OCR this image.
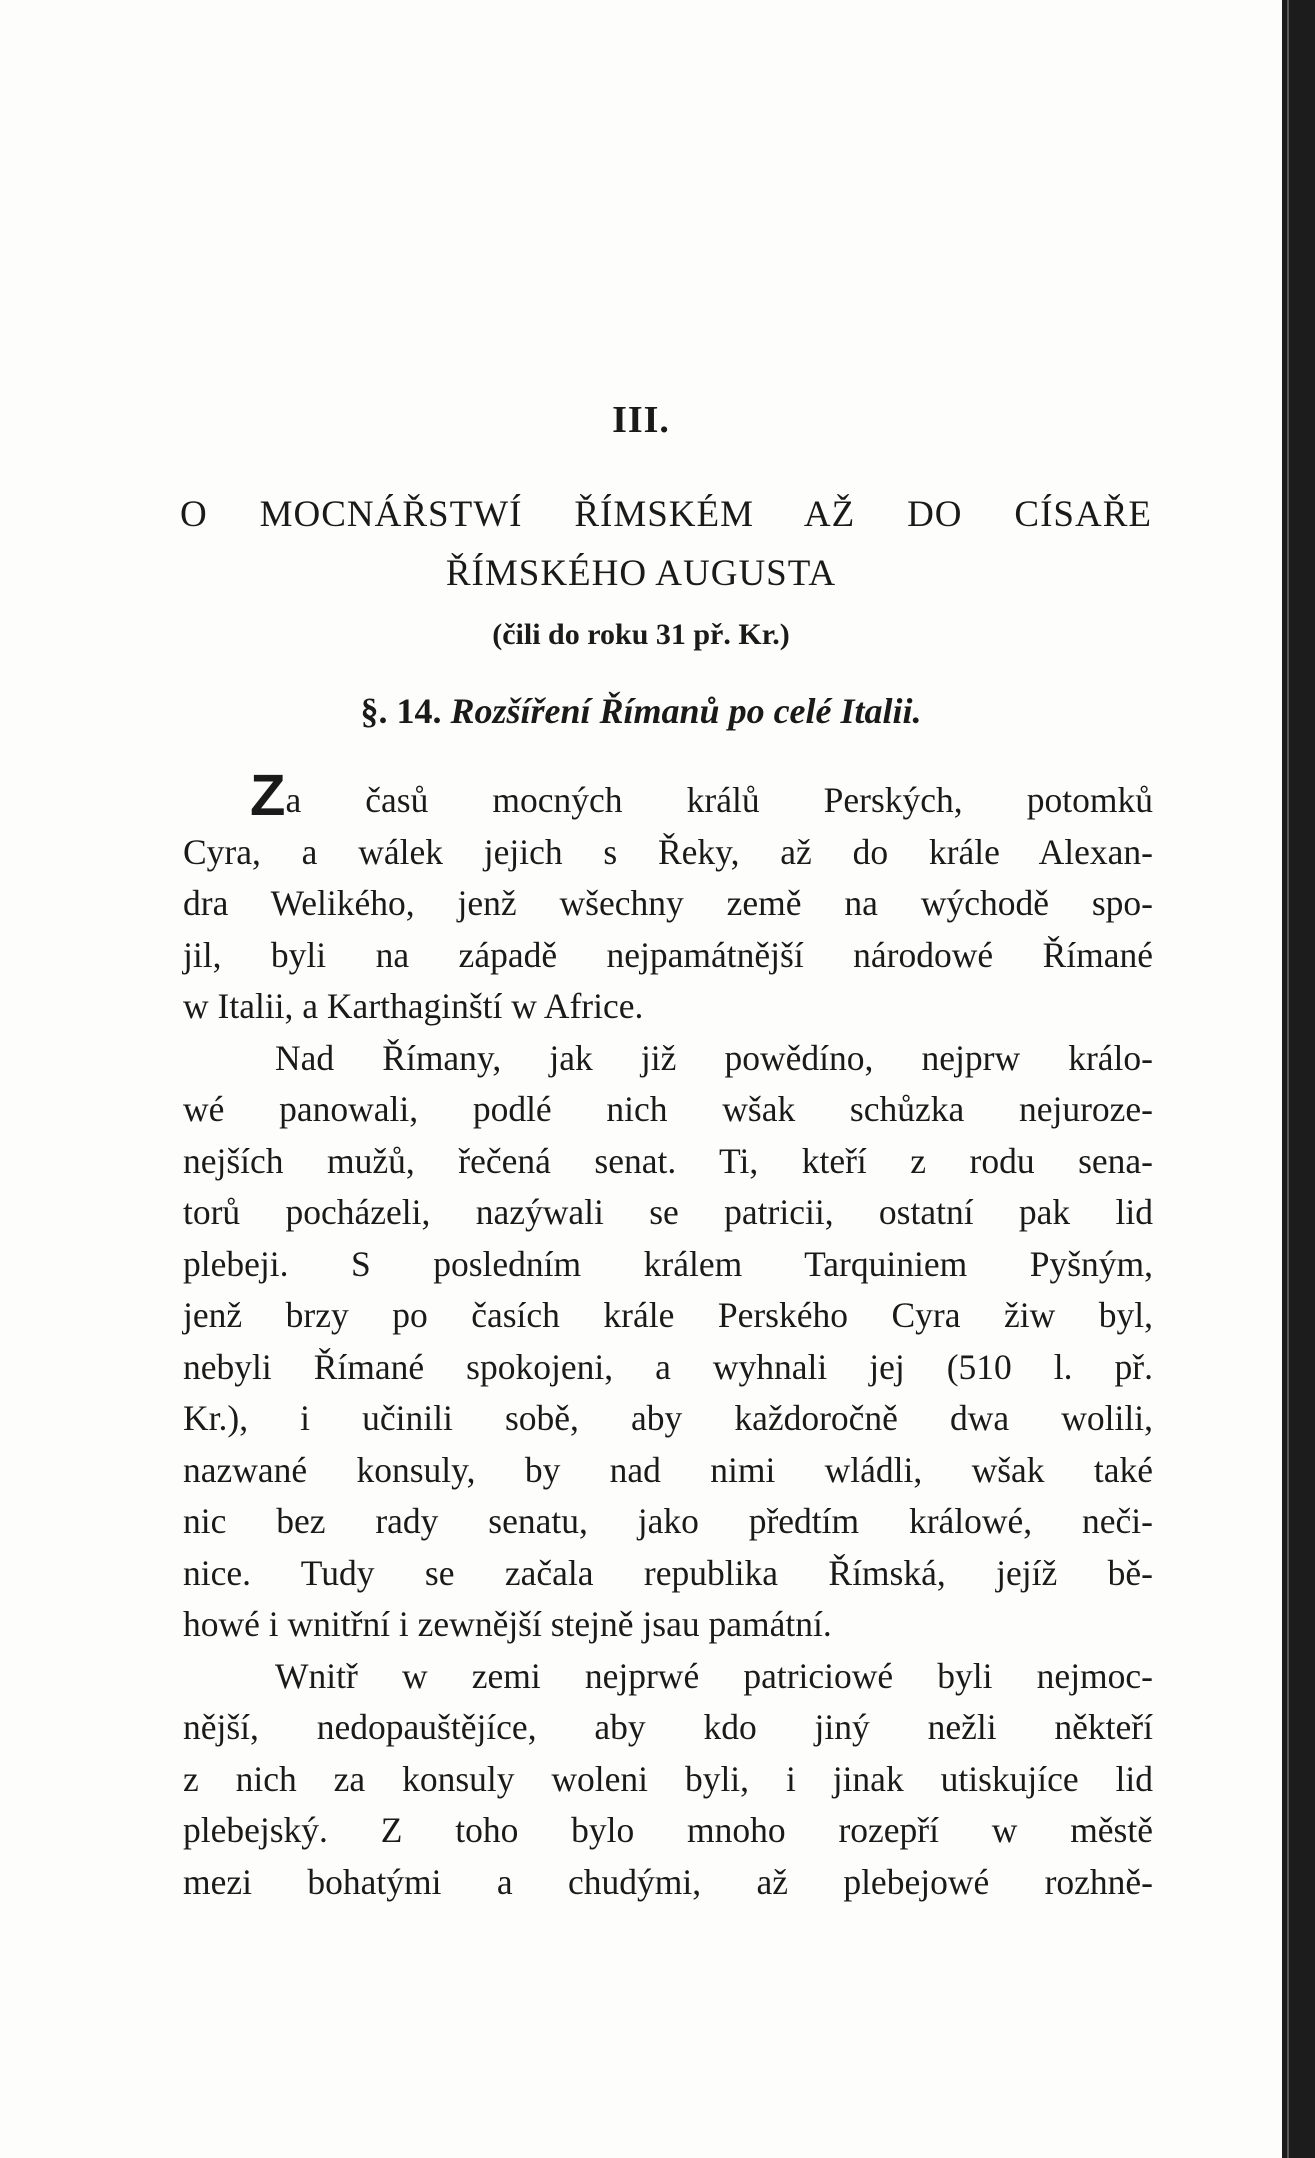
III.
O MOCNÁŘSTWÍ ŘÍMSKÉM AŽ DO CÍSAŘE
ŘÍMSKÉHO AUGUSTA
(čili do roku 31 př. Kr.)
§. 14. Rozšíření Římanů po celé Italii.
Za časů mocných králů Perských, potomků
Cyra, a wálek jejich s Řeky, až do krále Alexan-
dra Welikého, jenž wšechny země na wýchodě spo-
jil, byli na západě nejpamátnější národowé Římané
w Italii, a Karthaginští w Africe.
Nad Římany, jak již powědíno, nejprw králo-
wé panowali, podlé nich wšak schůzka nejuroze-
nejších mužů, řečená senat. Ti, kteří z rodu sena-
torů pocházeli, nazýwali se patricii, ostatní pak lid
plebeji. S posledním králem Tarquiniem Pyšným,
jenž brzy po časích krále Perského Cyra žiw byl,
nebyli Římané spokojeni, a wyhnali jej (510 l. př.
Kr.), i učinili sobě, aby každoročně dwa wolili,
nazwané konsuly, by nad nimi wládli, wšak také
nic bez rady senatu, jako předtím králowé, neči-
nice. Tudy se začala republika Římská, jejíž bě-
howé i wnitřní i zewnější stejně jsau památní.
Wnitř w zemi nejprwé patriciowé byli nejmoc-
nější, nedopauštějíce, aby kdo jiný nežli někteří
z nich za konsuly woleni byli, i jinak utiskujíce lid
plebejský. Z toho bylo mnoho rozepří w městě
mezi bohatými a chudými, až plebejowé rozhně-
